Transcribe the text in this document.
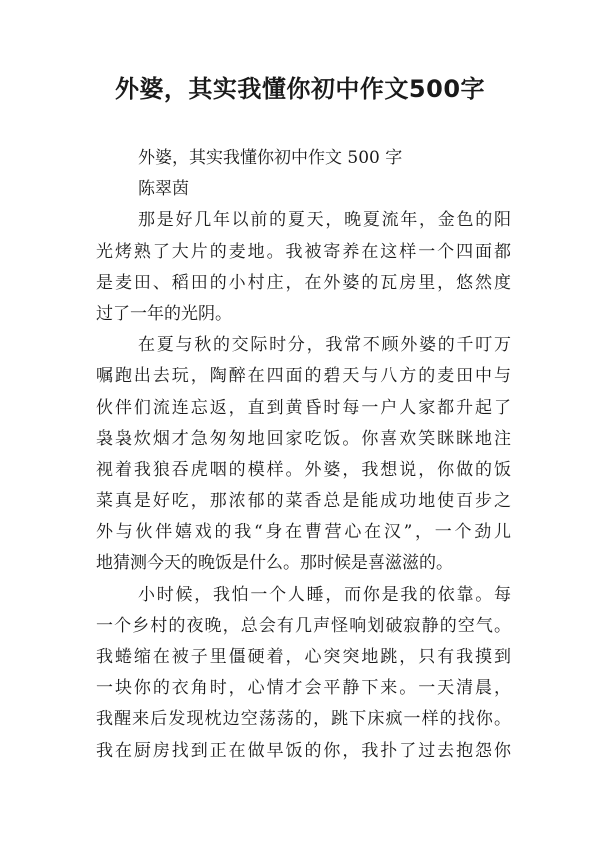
外婆，其实我懂你初中作文500字
外婆，其实我懂你初中作文 500 字
陈翠茵
那是好几年以前的夏天，晚夏流年，金色的阳
光烤熟了大片的麦地。我被寄养在这样一个四面都
是麦田、稻田的小村庄，在外婆的瓦房里，悠然度
过了一年的光阴。
在夏与秋的交际时分，我常不顾外婆的千叮万
嘱跑出去玩，陶醉在四面的碧天与八方的麦田中与
伙伴们流连忘返，直到黄昏时每一户人家都升起了
袅袅炊烟才急匆匆地回家吃饭。你喜欢笑眯眯地注
视着我狼吞虎咽的模样。外婆，我想说，你做的饭
菜真是好吃，那浓郁的菜香总是能成功地使百步之
外与伙伴嬉戏的我“身在曹营心在汉”，一个劲儿
地猜测今天的晚饭是什么。那时候是喜滋滋的。
小时候，我怕一个人睡，而你是我的依靠。每
一个乡村的夜晚，总会有几声怪响划破寂静的空气。
我蜷缩在被子里僵硬着，心突突地跳，只有我摸到
一块你的衣角时，心情才会平静下来。一天清晨，
我醒来后发现枕边空荡荡的，跳下床疯一样的找你。
我在厨房找到正在做早饭的你，我扑了过去抱怨你
